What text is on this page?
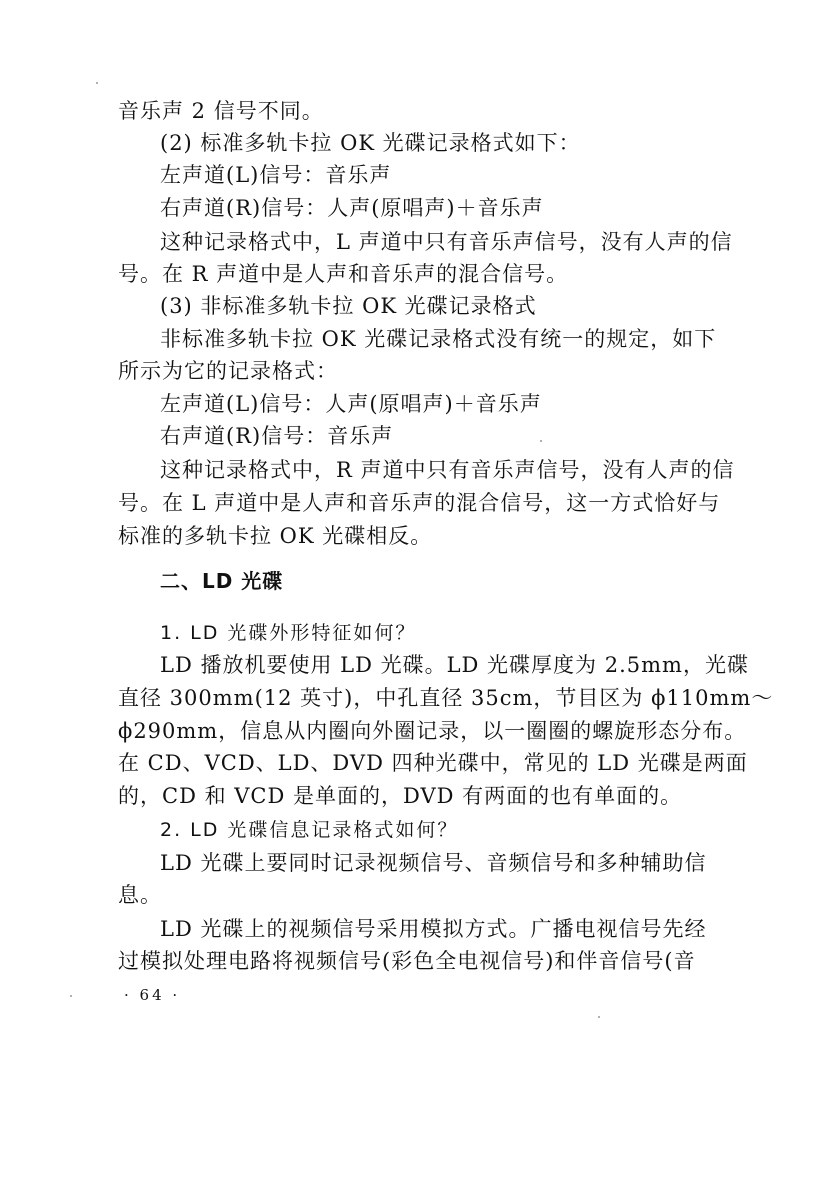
音乐声 2 信号不同。
(2) 标准多轨卡拉 OK 光碟记录格式如下：
左声道(L)信号：音乐声
右声道(R)信号：人声(原唱声)＋音乐声
这种记录格式中，L 声道中只有音乐声信号，没有人声的信
号。在 R 声道中是人声和音乐声的混合信号。
(3) 非标准多轨卡拉 OK 光碟记录格式
非标准多轨卡拉 OK 光碟记录格式没有统一的规定，如下
所示为它的记录格式：
左声道(L)信号：人声(原唱声)＋音乐声
右声道(R)信号：音乐声
这种记录格式中，R 声道中只有音乐声信号，没有人声的信
号。在 L 声道中是人声和音乐声的混合信号，这一方式恰好与
标准的多轨卡拉 OK 光碟相反。
二、LD 光碟
1. LD 光碟外形特征如何？
LD 播放机要使用 LD 光碟。LD 光碟厚度为 2.5mm，光碟
直径 300mm(12 英寸)，中孔直径 35cm，节目区为 ϕ110mm～
ϕ290mm，信息从内圈向外圈记录，以一圈圈的螺旋形态分布。
在 CD、VCD、LD、DVD 四种光碟中，常见的 LD 光碟是两面
的，CD 和 VCD 是单面的，DVD 有两面的也有单面的。
2. LD 光碟信息记录格式如何？
LD 光碟上要同时记录视频信号、音频信号和多种辅助信
息。
LD 光碟上的视频信号采用模拟方式。广播电视信号先经
过模拟处理电路将视频信号(彩色全电视信号)和伴音信号(音
· 64 ·
